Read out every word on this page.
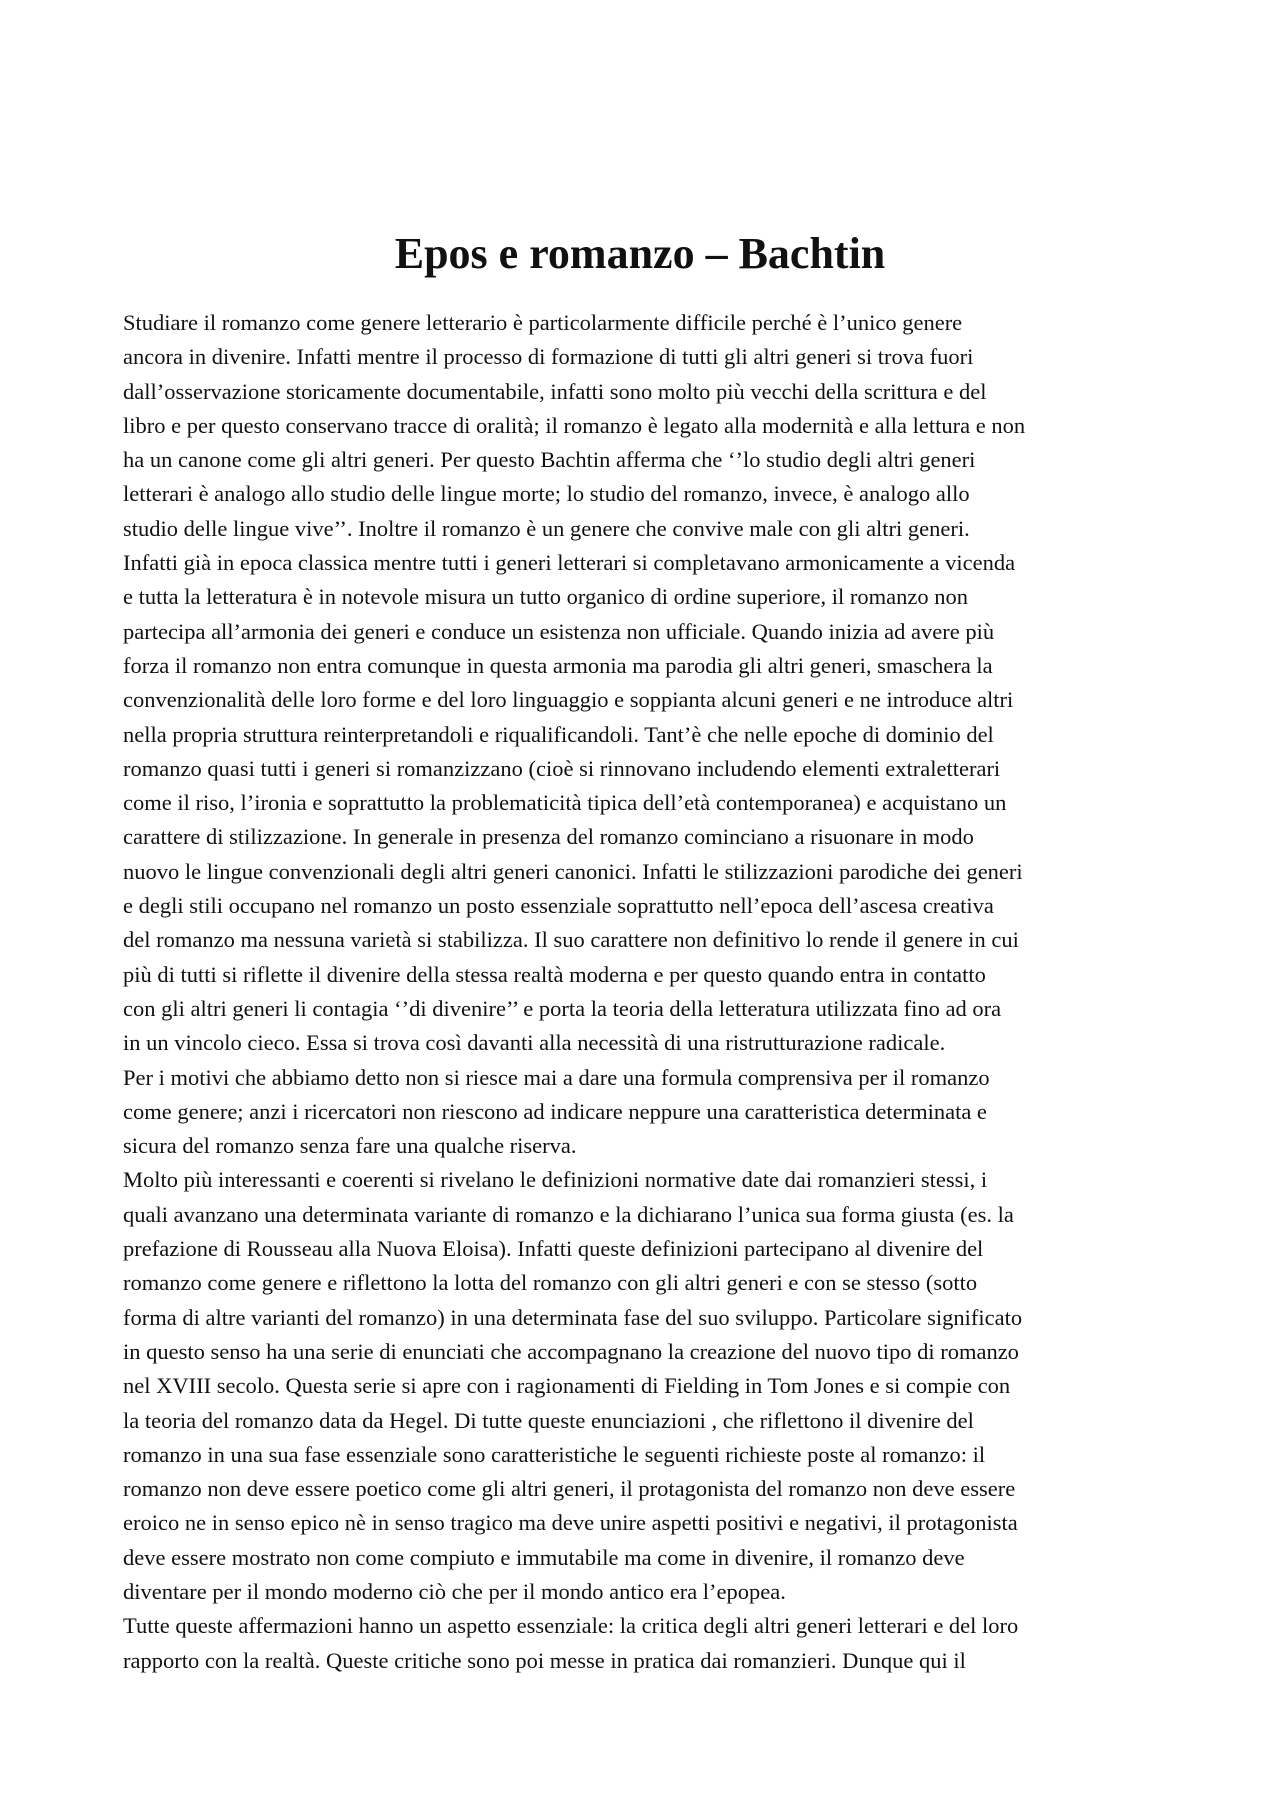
Epos e romanzo – Bachtin
Studiare il romanzo come genere letterario è particolarmente difficile perché è l’unico genere
ancora in divenire. Infatti mentre il processo di formazione di tutti gli altri generi si trova fuori
dall’osservazione storicamente documentabile, infatti sono molto più vecchi della scrittura e del
libro e per questo conservano tracce di oralità; il romanzo è legato alla modernità e alla lettura e non
ha un canone come gli altri generi. Per questo Bachtin afferma che ‘’lo studio degli altri generi
letterari è analogo allo studio delle lingue morte; lo studio del romanzo, invece, è analogo allo
studio delle lingue vive’’. Inoltre il romanzo è un genere che convive male con gli altri generi.
Infatti già in epoca classica mentre tutti i generi letterari si completavano armonicamente a vicenda
e tutta la letteratura è in notevole misura un tutto organico di ordine superiore, il romanzo non
partecipa all’armonia dei generi e conduce un esistenza non ufficiale. Quando inizia ad avere più
forza il romanzo non entra comunque in questa armonia ma parodia gli altri generi, smaschera la
convenzionalità delle loro forme e del loro linguaggio e soppianta alcuni generi e ne introduce altri
nella propria struttura reinterpretandoli e riqualificandoli. Tant’è che nelle epoche di dominio del
romanzo quasi tutti i generi si romanzizzano (cioè si rinnovano includendo elementi extraletterari
come il riso, l’ironia e soprattutto la problematicità tipica dell’età contemporanea) e acquistano un
carattere di stilizzazione. In generale in presenza del romanzo cominciano a risuonare in modo
nuovo le lingue convenzionali degli altri generi canonici. Infatti le stilizzazioni parodiche dei generi
e degli stili occupano nel romanzo un posto essenziale soprattutto nell’epoca dell’ascesa creativa
del romanzo ma nessuna varietà si stabilizza. Il suo carattere non definitivo lo rende il genere in cui
più di tutti si riflette il divenire della stessa realtà moderna e per questo quando entra in contatto
con gli altri generi li contagia ‘’di divenire’’ e porta la teoria della letteratura utilizzata fino ad ora
in un vincolo cieco. Essa si trova così davanti alla necessità di una ristrutturazione radicale.
Per i motivi che abbiamo detto non si riesce mai a dare una formula comprensiva per il romanzo
come genere; anzi i ricercatori non riescono ad indicare neppure una caratteristica determinata e
sicura del romanzo senza fare una qualche riserva.
Molto più interessanti e coerenti si rivelano le definizioni normative date dai romanzieri stessi, i
quali avanzano una determinata variante di romanzo e la dichiarano l’unica sua forma giusta (es. la
prefazione di Rousseau alla Nuova Eloisa). Infatti queste definizioni partecipano al divenire del
romanzo come genere e riflettono la lotta del romanzo con gli altri generi e con se stesso (sotto
forma di altre varianti del romanzo) in una determinata fase del suo sviluppo. Particolare significato
in questo senso ha una serie di enunciati che accompagnano la creazione del nuovo tipo di romanzo
nel XVIII secolo. Questa serie si apre con i ragionamenti di Fielding in Tom Jones e si compie con
la teoria del romanzo data da Hegel. Di tutte queste enunciazioni , che riflettono il divenire del
romanzo in una sua fase essenziale sono caratteristiche le seguenti richieste poste al romanzo: il
romanzo non deve essere poetico come gli altri generi, il protagonista del romanzo non deve essere
eroico ne in senso epico nè in senso tragico ma deve unire aspetti positivi e negativi, il protagonista
deve essere mostrato non come compiuto e immutabile ma come in divenire, il romanzo deve
diventare per il mondo moderno ciò che per il mondo antico era l’epopea.
Tutte queste affermazioni hanno un aspetto essenziale: la critica degli altri generi letterari e del loro
rapporto con la realtà. Queste critiche sono poi messe in pratica dai romanzieri. Dunque qui il
